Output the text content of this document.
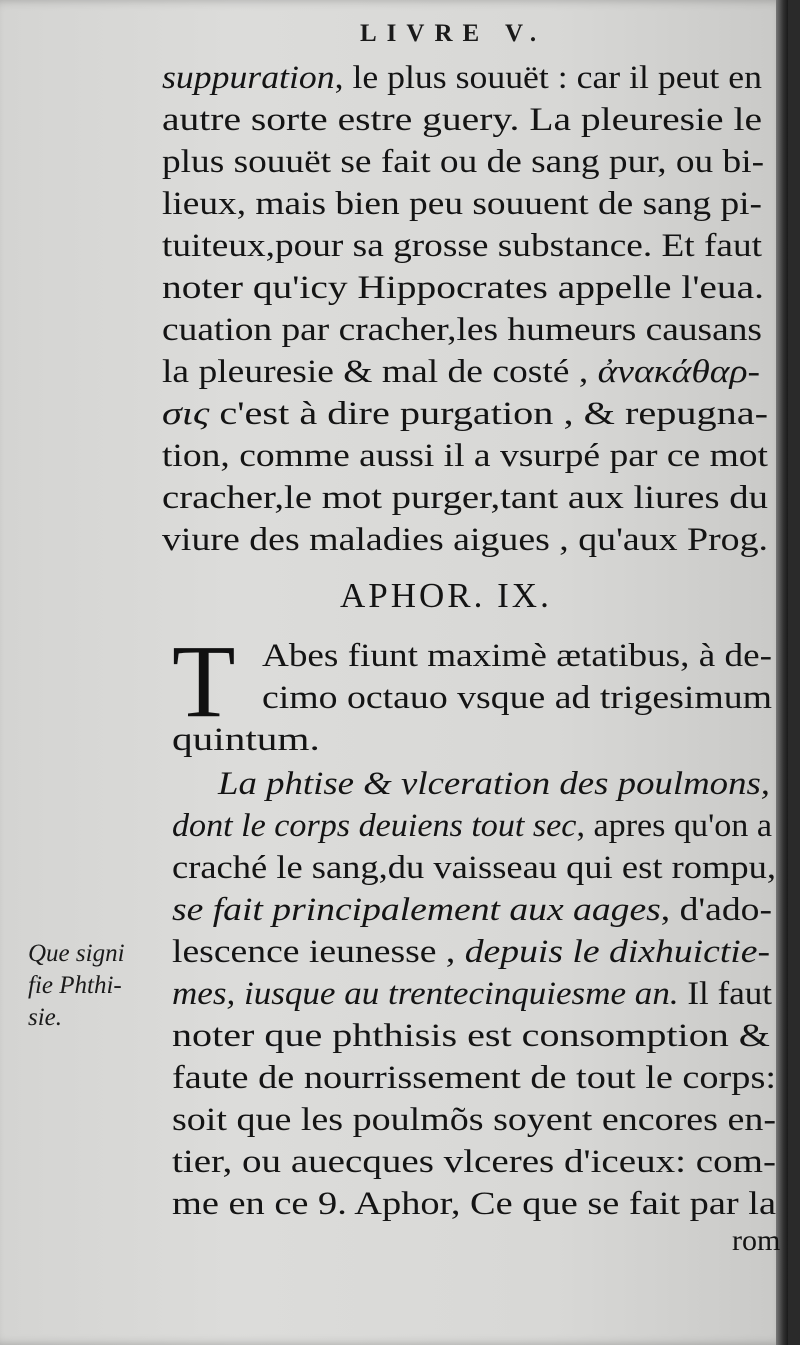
LIVRE V.
suppuration, le plus souuët : car il peut en
autre sorte estre guery. La pleuresie le
plus souuët se fait ou de sang pur, ou bi-
lieux, mais bien peu souuent de sang pi-
tuiteux,pour sa grosse substance. Et faut
noter qu'icy Hippocrates appelle l'eua.
cuation par cracher,les humeurs causans
la pleuresie & mal de costé , ἀνακάθαρ-
σις c'est à dire purgation , & repugna-
tion, comme aussi il a vsurpé par ce mot
cracher,le mot purger,tant aux liures du
viure des maladies aigues , qu'aux Prog.
APHOR. IX.
T Abes fiunt maximè ætatibus, à de-
cimo octauo vsque ad trigesimum
quintum.
La phtise & vlceration des poulmons,
dont le corps deuiens tout sec, apres qu'on a
craché le sang,du vaisseau qui est rompu,
se fait principalement aux aages, d'ado-
lescence ieunesse , depuis le dixhuictie-
mes, iusque au trentecinquiesme an. Il faut
noter que phthisis est consomption &
faute de nourrissement de tout le corps:
soit que les poulmõs soyent encores en-
tier, ou auecques vlceres d'iceux: com-
me en ce 9. Aphor, Ce que se fait par la
Que signi
fie Phthi-
sie.
rom
